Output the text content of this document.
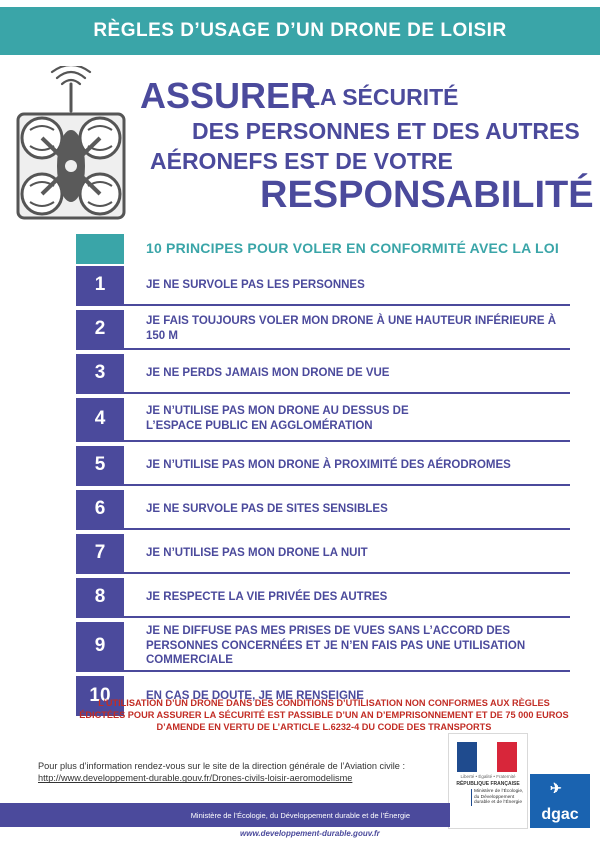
RÈGLES D’USAGE D’UN DRONE DE LOISIR
ASSURER
LA SÉCURITÉ
DES PERSONNES ET DES AUTRES
AÉRONEFS EST DE VOTRE
RESPONSABILITÉ
10 PRINCIPES POUR VOLER EN CONFORMITÉ AVEC LA LOI
1	JE NE SURVOLE PAS LES PERSONNES
2	JE FAIS TOUJOURS VOLER MON DRONE À UNE HAUTEUR INFÉRIEURE À 150 M
3	JE NE PERDS JAMAIS MON DRONE DE VUE
4	JE N’UTILISE PAS MON DRONE AU DESSUS DE L’ESPACE PUBLIC EN AGGLOMÉRATION
5	JE N’UTILISE PAS MON DRONE À PROXIMITÉ DES AÉRODROMES
6	JE NE SURVOLE PAS DE SITES SENSIBLES
7	JE N’UTILISE PAS MON DRONE LA NUIT
8	JE RESPECTE LA VIE PRIVÉE DES AUTRES
9
JE NE DIFFUSE PAS MES PRISES DE VUES SANS L’ACCORD DES PERSONNES CONCERNÉES ET JE N’EN FAIS PAS UNE UTILISATION COMMERCIALE
10	EN CAS DE DOUTE, JE ME RENSEIGNE
L’UTILISATION D’UN DRONE DANS DES CONDITIONS D’UTILISATION NON CONFORMES AUX RÈGLES ÉDICTÉES POUR ASSURER LA SÉCURITÉ EST PASSIBLE D’UN AN D’EMPRISONNEMENT ET DE 75 000 EUROS D’AMENDE EN VERTU DE L’ARTICLE L.6232-4 DU CODE DES TRANSPORTS
Pour plus d’information rendez-vous sur le site de la direction générale de l’Aviation civile :
http://www.developpement-durable.gouv.fr/Drones-civils-loisir-aeromodelisme	Liberté • Égalité • Fraternité
RÉPUBLIQUE FRANÇAISE
Ministère de l’Écologie, du Développement durable et de l’Énergie
✈
dgac
Ministère de l’Écologie, du Développement durable et de l’Énergie
www.developpement-durable.gouv.fr
